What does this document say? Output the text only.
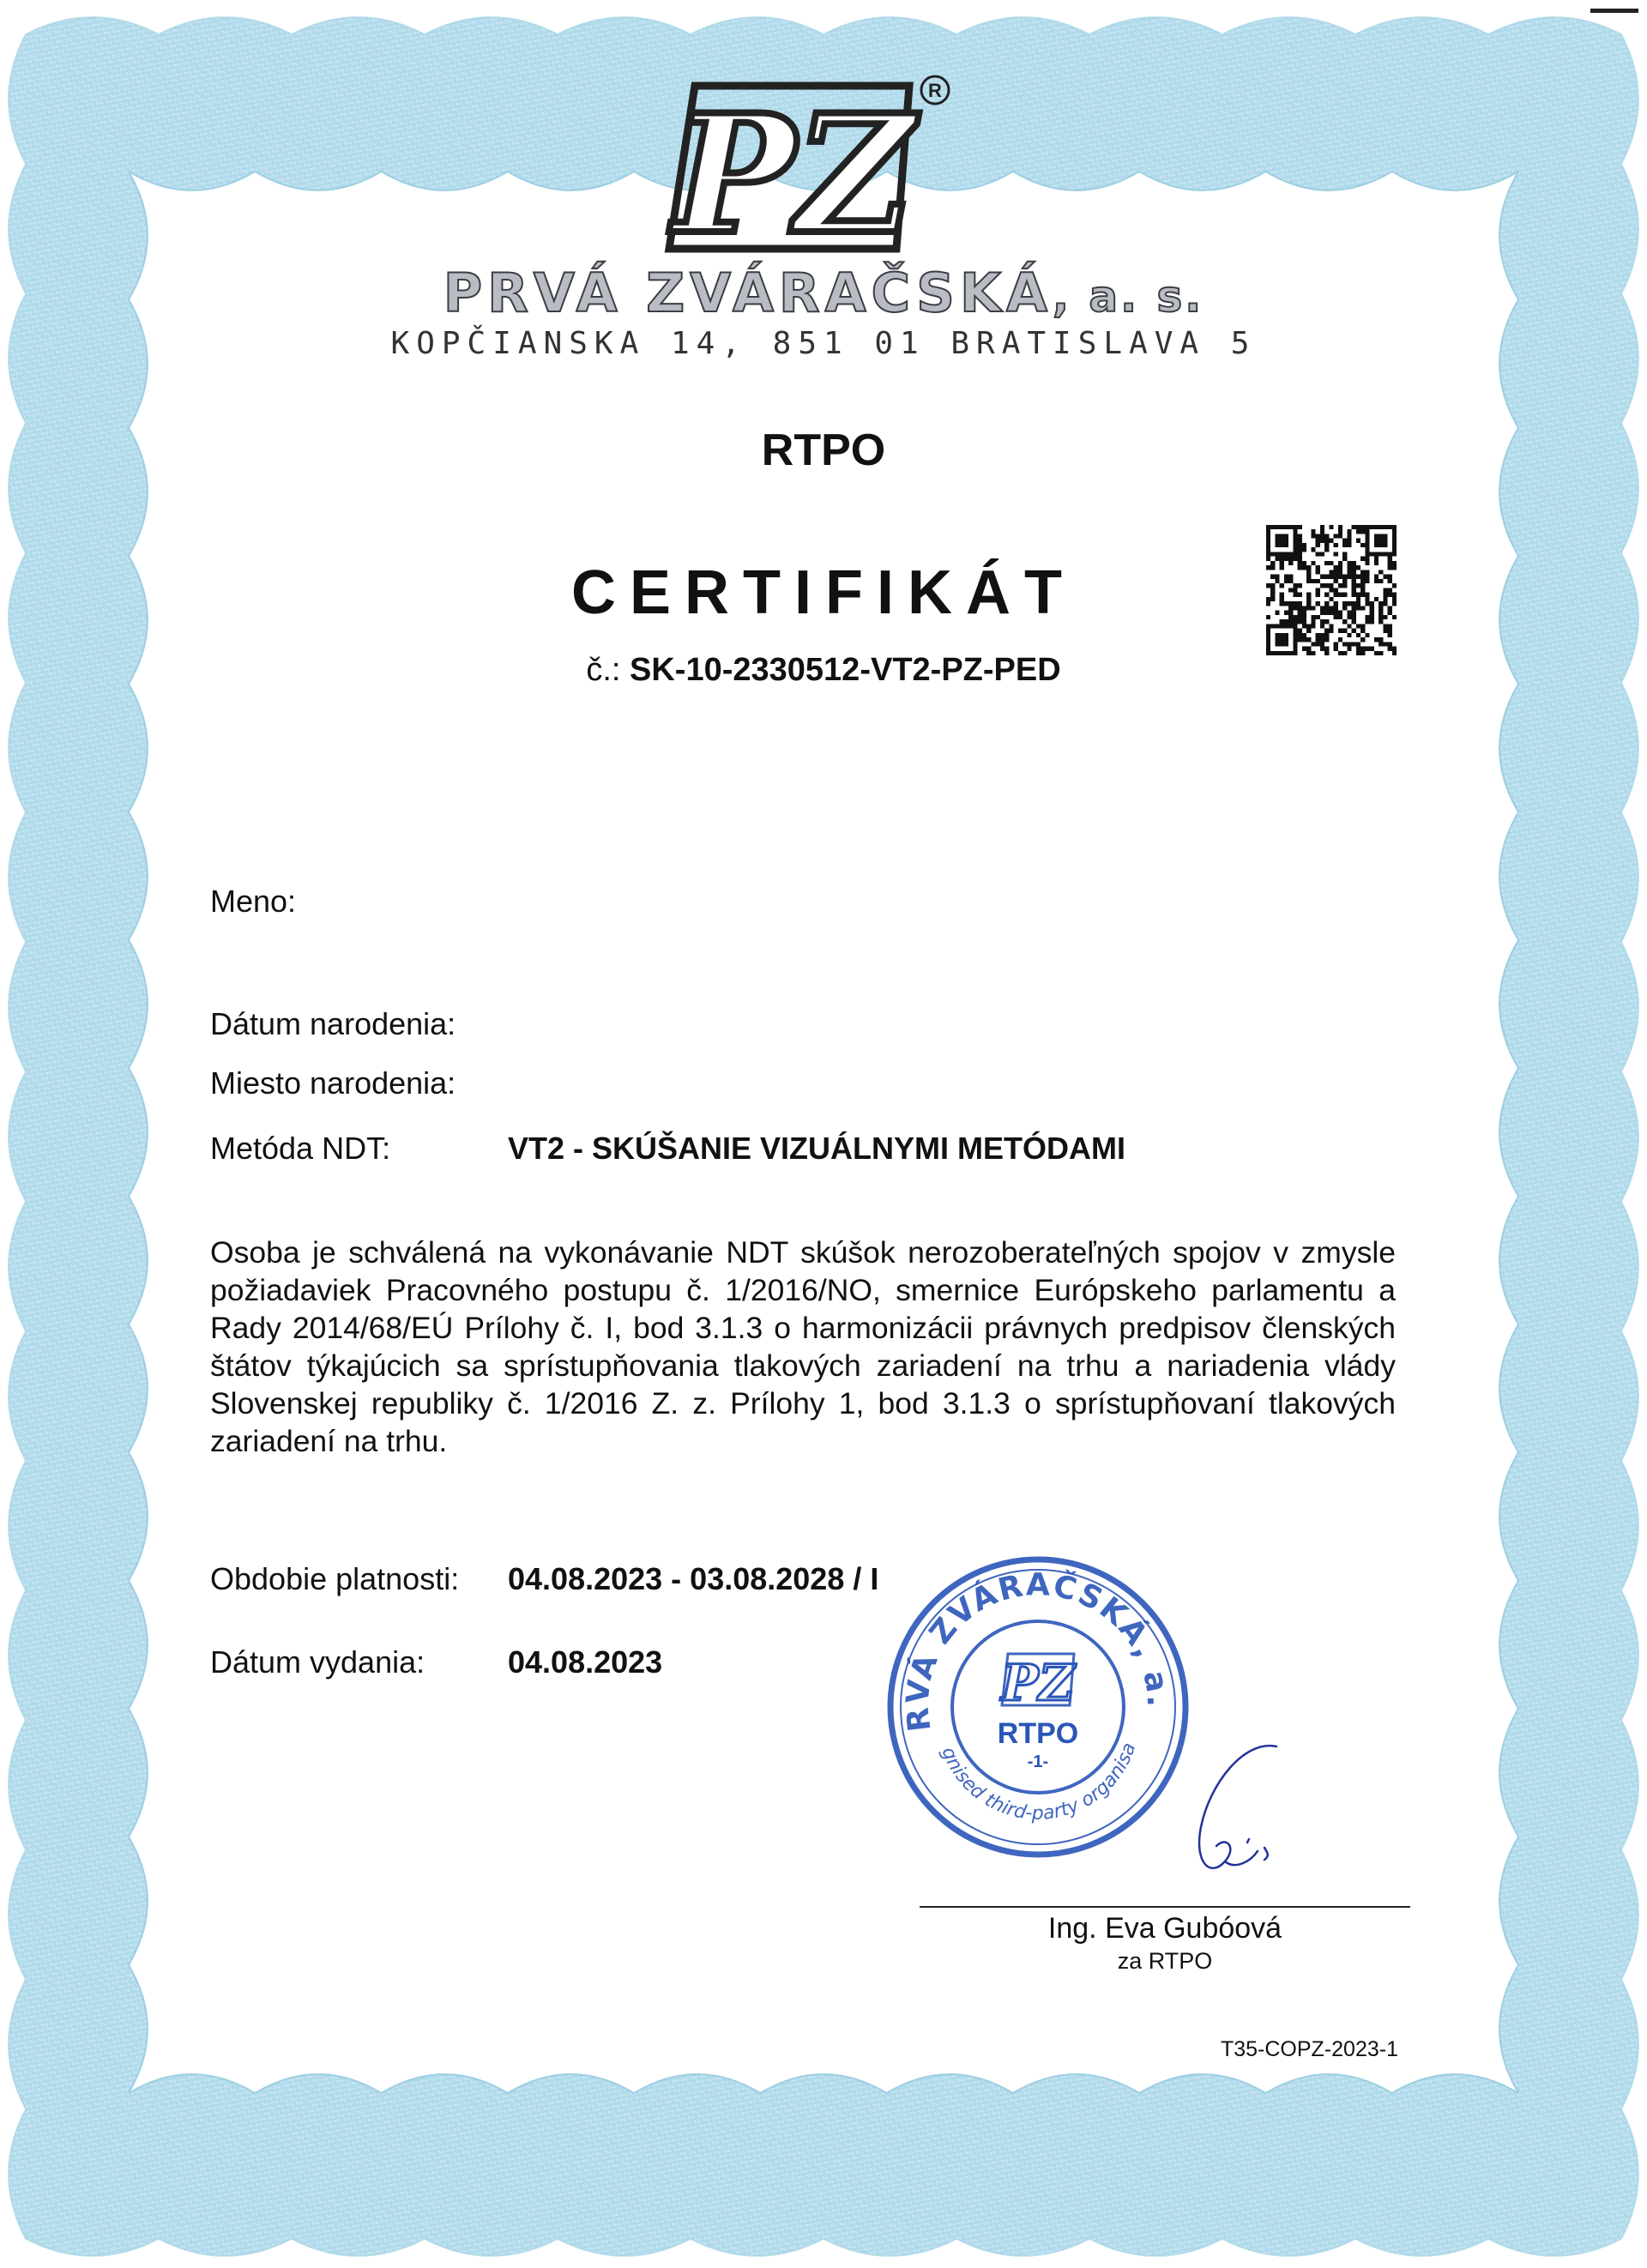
PZ R
PRVÁ ZVÁRAČSKÁ, a. s.
KOPČIANSKA 14, 851 01 BRATISLAVA 5
RTPO
CERTIFIKÁT
č.: SK-10-2330512-VT2-PZ-PED
Meno:
Dátum narodenia:
Miesto narodenia:
Metóda NDT:	VT2 - SKÚŠANIE VIZUÁLNYMI METÓDAMI
Osoba je schválená na vykonávanie NDT skúšok nerozoberateľných spojov v zmysle požiadaviek Pracovného postupu č. 1/2016/NO, smernice Európskeho parlamentu a Rady 2014/68/EÚ Prílohy č. I, bod 3.1.3 o harmonizácii právnych predpisov členských štátov týkajúcich sa sprístupňovania tlakových zariadení na trhu a nariadenia vlády Slovenskej republiky č. 1/2016 Z. z. Prílohy 1, bod 3.1.3 o sprístupňovaní tlakových zariadení na trhu.
Obdobie platnosti: 04.08.2023 - 03.08.2028 / I
Dátum vydania:	04.08.2023
RVÁ ZVÁRAČSKÁ, a.
gnised third-party organisa
PZ
RTPO
-1-
Ing. Eva Gubóová
za RTPO
T35-COPZ-2023-1
